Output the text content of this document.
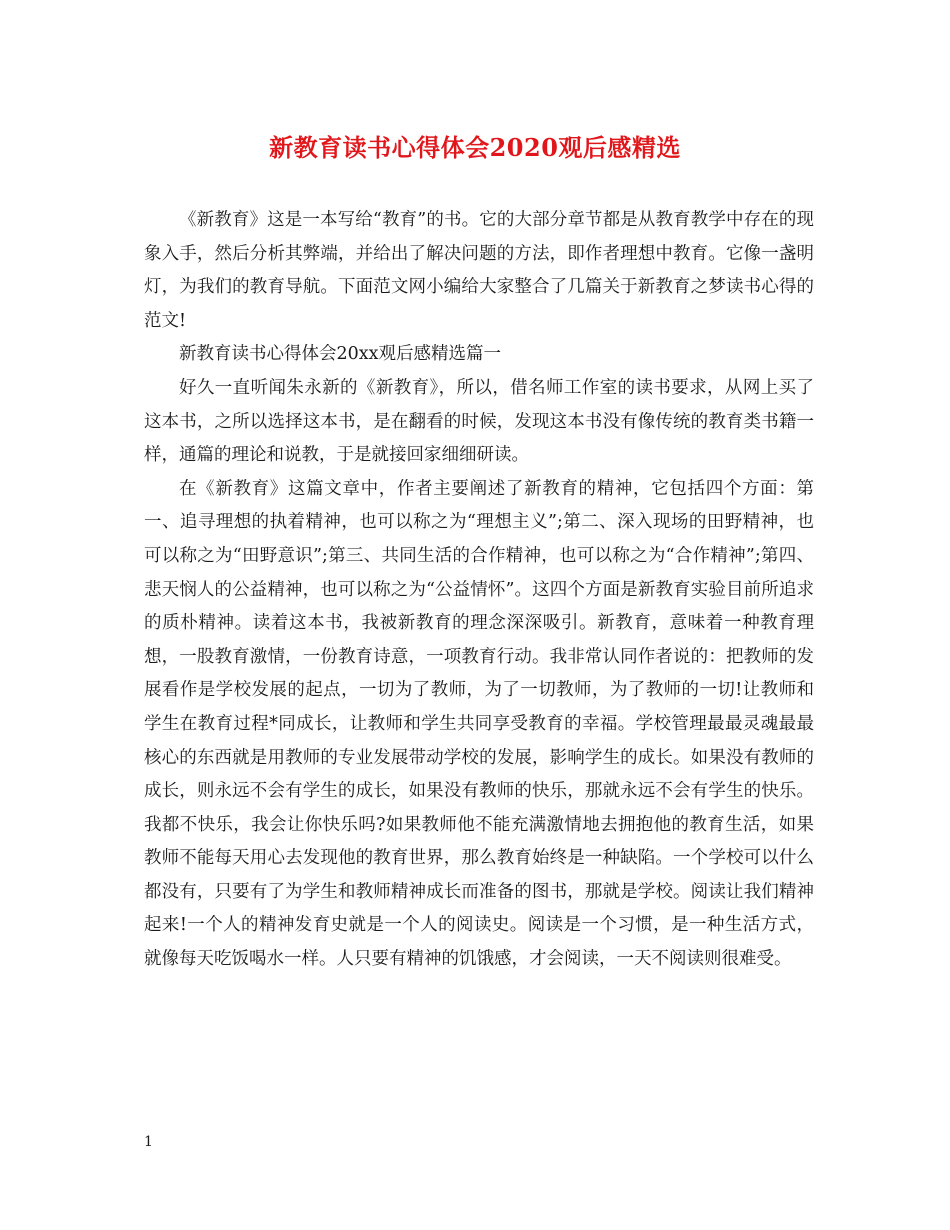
新教育读书心得体会2020观后感精选

《新教育》这是一本写给“教育”的书。它的大部分章节都是从教育教学中存在的现象入手，然后分析其弊端，并给出了解决问题的方法，即作者理想中教育。它像一盏明灯，为我们的教育导航。下面范文网小编给大家整合了几篇关于新教育之梦读书心得的范文!

新教育读书心得体会20xx观后感精选篇一

好久一直听闻朱永新的《新教育》，所以，借名师工作室的读书要求，从网上买了这本书，之所以选择这本书，是在翻看的时候，发现这本书没有像传统的教育类书籍一样，通篇的理论和说教，于是就接回家细细研读。

在《新教育》这篇文章中，作者主要阐述了新教育的精神，它包括四个方面：第一、追寻理想的执着精神，也可以称之为“理想主义”;第二、深入现场的田野精神，也可以称之为“田野意识”;第三、共同生活的合作精神，也可以称之为“合作精神”;第四、悲天悯人的公益精神，也可以称之为“公益情怀”。这四个方面是新教育实验目前所追求的质朴精神。读着这本书，我被新教育的理念深深吸引。新教育，意味着一种教育理想，一股教育激情，一份教育诗意，一项教育行动。我非常认同作者说的：把教师的发展看作是学校发展的起点，一切为了教师，为了一切教师，为了教师的一切!让教师和学生在教育过程*同成长，让教师和学生共同享受教育的幸福。学校管理最最灵魂最最核心的东西就是用教师的专业发展带动学校的发展，影响学生的成长。如果没有教师的成长，则永远不会有学生的成长，如果没有教师的快乐，那就永远不会有学生的快乐。我都不快乐，我会让你快乐吗?如果教师他不能充满激情地去拥抱他的教育生活，如果教师不能每天用心去发现他的教育世界，那么教育始终是一种缺陷。一个学校可以什么都没有，只要有了为学生和教师精神成长而准备的图书，那就是学校。阅读让我们精神起来!一个人的精神发育史就是一个人的阅读史。阅读是一个习惯，是一种生活方式，就像每天吃饭喝水一样。人只要有精神的饥饿感，才会阅读，一天不阅读则很难受。

1
